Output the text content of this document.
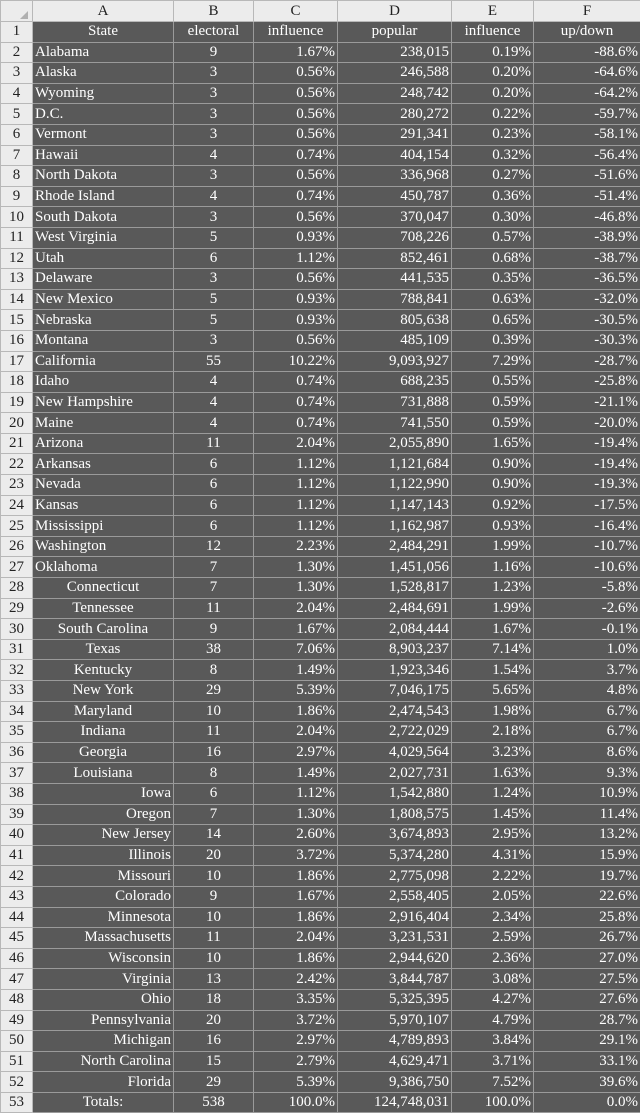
	A	B	C	D	E	F
1	State	electoral	influence	popular	influence	up/down
2	Alabama	9	1.67%	238,015	0.19%	-88.6%
3	Alaska	3	0.56%	246,588	0.20%	-64.6%
4	Wyoming	3	0.56%	248,742	0.20%	-64.2%
5	D.C.	3	0.56%	280,272	0.22%	-59.7%
6	Vermont	3	0.56%	291,341	0.23%	-58.1%
7	Hawaii	4	0.74%	404,154	0.32%	-56.4%
8	North Dakota	3	0.56%	336,968	0.27%	-51.6%
9	Rhode Island	4	0.74%	450,787	0.36%	-51.4%
10	South Dakota	3	0.56%	370,047	0.30%	-46.8%
11	West Virginia	5	0.93%	708,226	0.57%	-38.9%
12	Utah	6	1.12%	852,461	0.68%	-38.7%
13	Delaware	3	0.56%	441,535	0.35%	-36.5%
14	New Mexico	5	0.93%	788,841	0.63%	-32.0%
15	Nebraska	5	0.93%	805,638	0.65%	-30.5%
16	Montana	3	0.56%	485,109	0.39%	-30.3%
17	California	55	10.22%	9,093,927	7.29%	-28.7%
18	Idaho	4	0.74%	688,235	0.55%	-25.8%
19	New Hampshire	4	0.74%	731,888	0.59%	-21.1%
20	Maine	4	0.74%	741,550	0.59%	-20.0%
21	Arizona	11	2.04%	2,055,890	1.65%	-19.4%
22	Arkansas	6	1.12%	1,121,684	0.90%	-19.4%
23	Nevada	6	1.12%	1,122,990	0.90%	-19.3%
24	Kansas	6	1.12%	1,147,143	0.92%	-17.5%
25	Mississippi	6	1.12%	1,162,987	0.93%	-16.4%
26	Washington	12	2.23%	2,484,291	1.99%	-10.7%
27	Oklahoma	7	1.30%	1,451,056	1.16%	-10.6%
28	Connecticut	7	1.30%	1,528,817	1.23%	-5.8%
29	Tennessee	11	2.04%	2,484,691	1.99%	-2.6%
30	South Carolina	9	1.67%	2,084,444	1.67%	-0.1%
31	Texas	38	7.06%	8,903,237	7.14%	1.0%
32	Kentucky	8	1.49%	1,923,346	1.54%	3.7%
33	New York	29	5.39%	7,046,175	5.65%	4.8%
34	Maryland	10	1.86%	2,474,543	1.98%	6.7%
35	Indiana	11	2.04%	2,722,029	2.18%	6.7%
36	Georgia	16	2.97%	4,029,564	3.23%	8.6%
37	Louisiana	8	1.49%	2,027,731	1.63%	9.3%
38	Iowa	6	1.12%	1,542,880	1.24%	10.9%
39	Oregon	7	1.30%	1,808,575	1.45%	11.4%
40	New Jersey	14	2.60%	3,674,893	2.95%	13.2%
41	Illinois	20	3.72%	5,374,280	4.31%	15.9%
42	Missouri	10	1.86%	2,775,098	2.22%	19.7%
43	Colorado	9	1.67%	2,558,405	2.05%	22.6%
44	Minnesota	10	1.86%	2,916,404	2.34%	25.8%
45	Massachusetts	11	2.04%	3,231,531	2.59%	26.7%
46	Wisconsin	10	1.86%	2,944,620	2.36%	27.0%
47	Virginia	13	2.42%	3,844,787	3.08%	27.5%
48	Ohio	18	3.35%	5,325,395	4.27%	27.6%
49	Pennsylvania	20	3.72%	5,970,107	4.79%	28.7%
50	Michigan	16	2.97%	4,789,893	3.84%	29.1%
51	North Carolina	15	2.79%	4,629,471	3.71%	33.1%
52	Florida	29	5.39%	9,386,750	7.52%	39.6%
53	Totals:	538	100.0%	124,748,031	100.0%	0.0%
